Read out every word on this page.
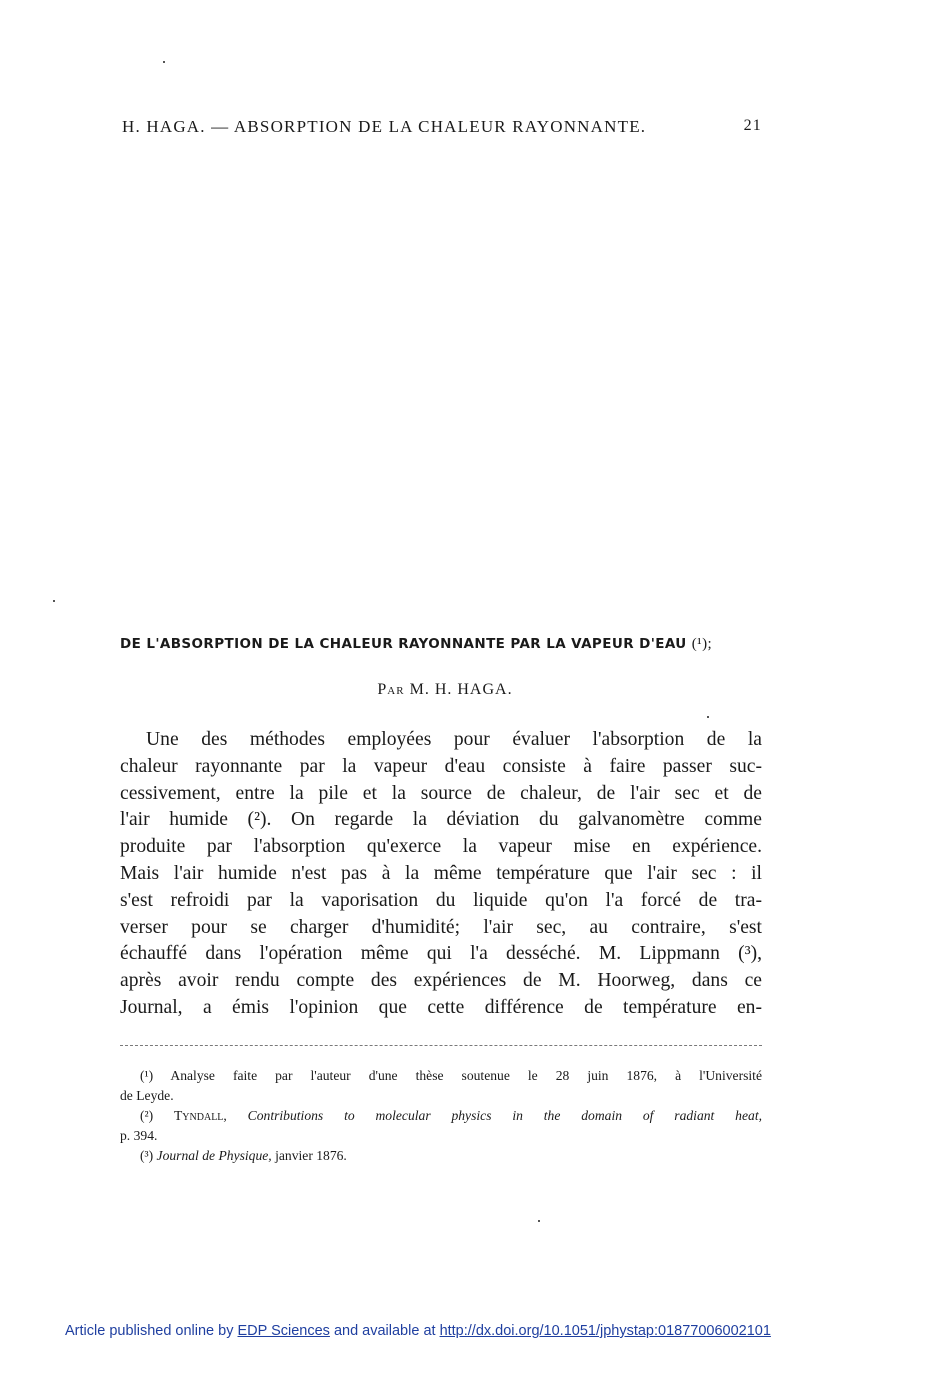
H. HAGA. — ABSORPTION DE LA CHALEUR RAYONNANTE.	21
DE L'ABSORPTION DE LA CHALEUR RAYONNANTE PAR LA VAPEUR D'EAU (¹);
Par M. H. HAGA.
Une des méthodes employées pour évaluer l'absorption de la
chaleur rayonnante par la vapeur d'eau consiste à faire passer suc-
cessivement, entre la pile et la source de chaleur, de l'air sec et de
l'air humide (²). On regarde la déviation du galvanomètre comme
produite par l'absorption qu'exerce la vapeur mise en expérience.
Mais l'air humide n'est pas à la même température que l'air sec : il
s'est refroidi par la vaporisation du liquide qu'on l'a forcé de tra-
verser pour se charger d'humidité; l'air sec, au contraire, s'est
échauffé dans l'opération même qui l'a desséché. M. Lippmann (³),
après avoir rendu compte des expériences de M. Hoorweg, dans ce
Journal, a émis l'opinion que cette différence de température en-
(¹) Analyse faite par l'auteur d'une thèse soutenue le 28 juin 1876, à l'Université
de Leyde.
(²) Tyndall, Contributions to molecular physics in the domain of radiant heat,
p. 394.
(³) Journal de Physique, janvier 1876.
Article published online by EDP Sciences and available at http://dx.doi.org/10.1051/jphystap:01877006002101
